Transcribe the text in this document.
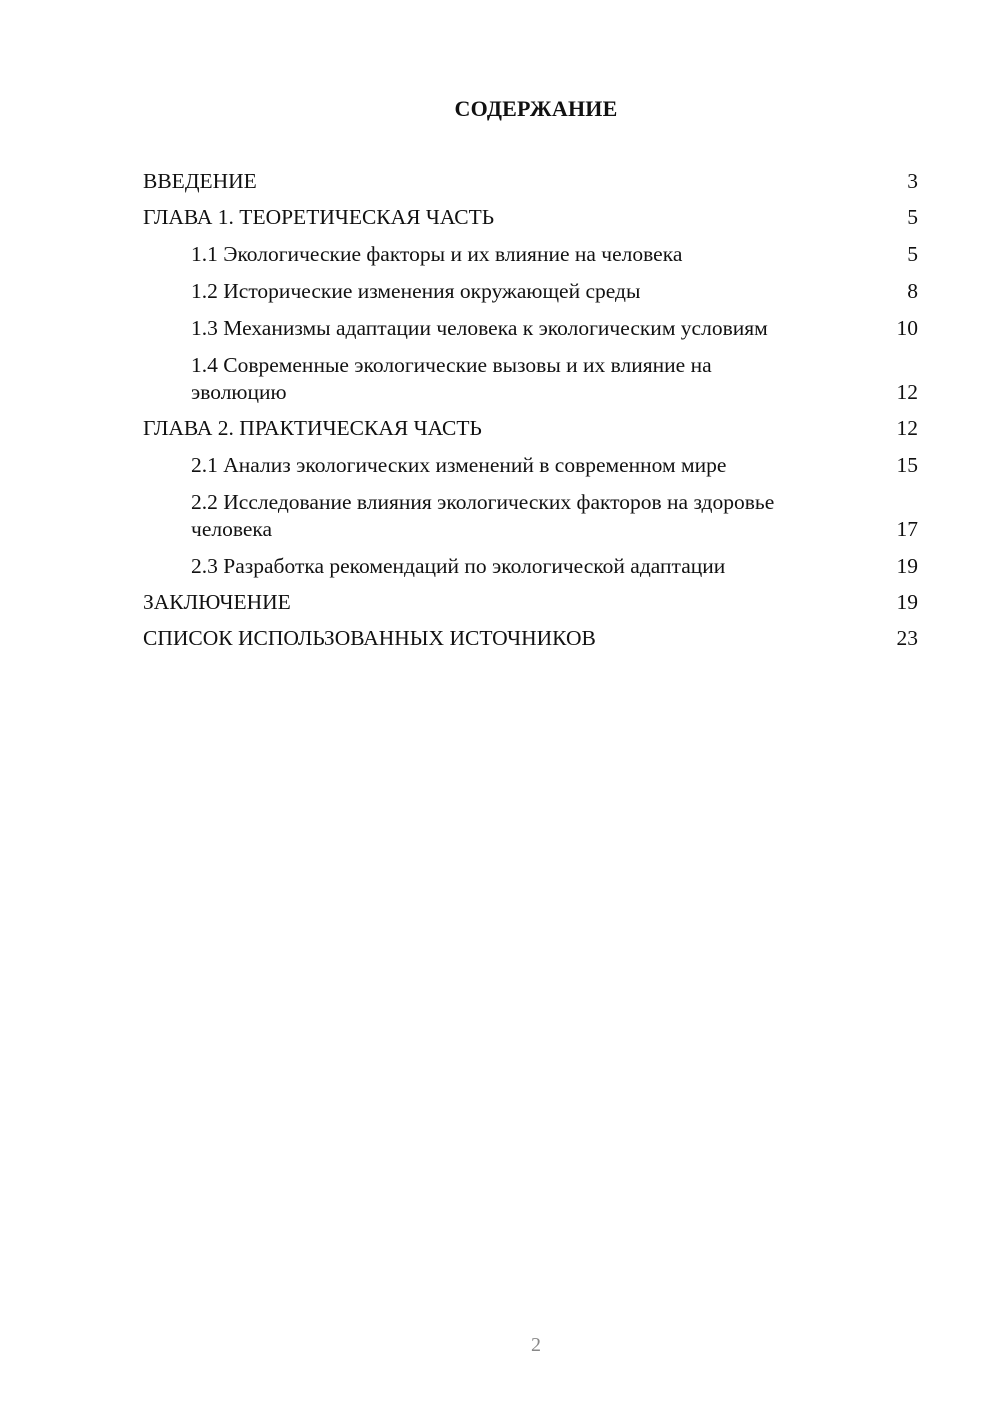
СОДЕРЖАНИЕ
ВВЕДЕНИЕ	3
ГЛАВА 1. ТЕОРЕТИЧЕСКАЯ ЧАСТЬ	5
1.1 Экологические факторы и их влияние на человека	5
1.2 Исторические изменения окружающей среды	8
1.3 Механизмы адаптации человека к экологическим условиям	10
1.4 Современные экологические вызовы и их влияние на эволюцию	12
ГЛАВА 2. ПРАКТИЧЕСКАЯ ЧАСТЬ	12
2.1 Анализ экологических изменений в современном мире	15
2.2 Исследование влияния экологических факторов на здоровье человека	17
2.3 Разработка рекомендаций по экологической адаптации	19
ЗАКЛЮЧЕНИЕ	19
СПИСОК ИСПОЛЬЗОВАННЫХ ИСТОЧНИКОВ	23
2
